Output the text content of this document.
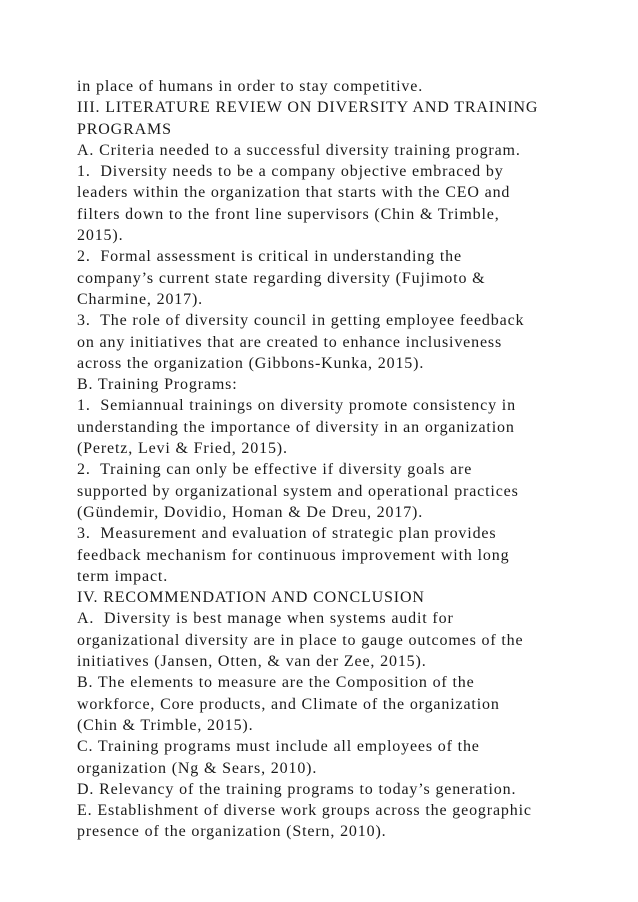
in place of humans in order to stay competitive.
III. LITERATURE REVIEW ON DIVERSITY AND TRAINING
PROGRAMS
A. Criteria needed to a successful diversity training program.
1.  Diversity needs to be a company objective embraced by
leaders within the organization that starts with the CEO and
filters down to the front line supervisors (Chin & Trimble,
2015).
2.  Formal assessment is critical in understanding the
company’s current state regarding diversity (Fujimoto &
Charmine, 2017).
3.  The role of diversity council in getting employee feedback
on any initiatives that are created to enhance inclusiveness
across the organization (Gibbons-Kunka, 2015).
B. Training Programs:
1.  Semiannual trainings on diversity promote consistency in
understanding the importance of diversity in an organization
(Peretz, Levi & Fried, 2015).
2.  Training can only be effective if diversity goals are
supported by organizational system and operational practices
(Gündemir, Dovidio, Homan & De Dreu, 2017).
3.  Measurement and evaluation of strategic plan provides
feedback mechanism for continuous improvement with long
term impact.
IV. RECOMMENDATION AND CONCLUSION
A.  Diversity is best manage when systems audit for
organizational diversity are in place to gauge outcomes of the
initiatives (Jansen, Otten, & van der Zee, 2015).
B. The elements to measure are the Composition of the
workforce, Core products, and Climate of the organization
(Chin & Trimble, 2015).
C. Training programs must include all employees of the
organization (Ng & Sears, 2010).
D. Relevancy of the training programs to today’s generation.
E. Establishment of diverse work groups across the geographic
presence of the organization (Stern, 2010).
